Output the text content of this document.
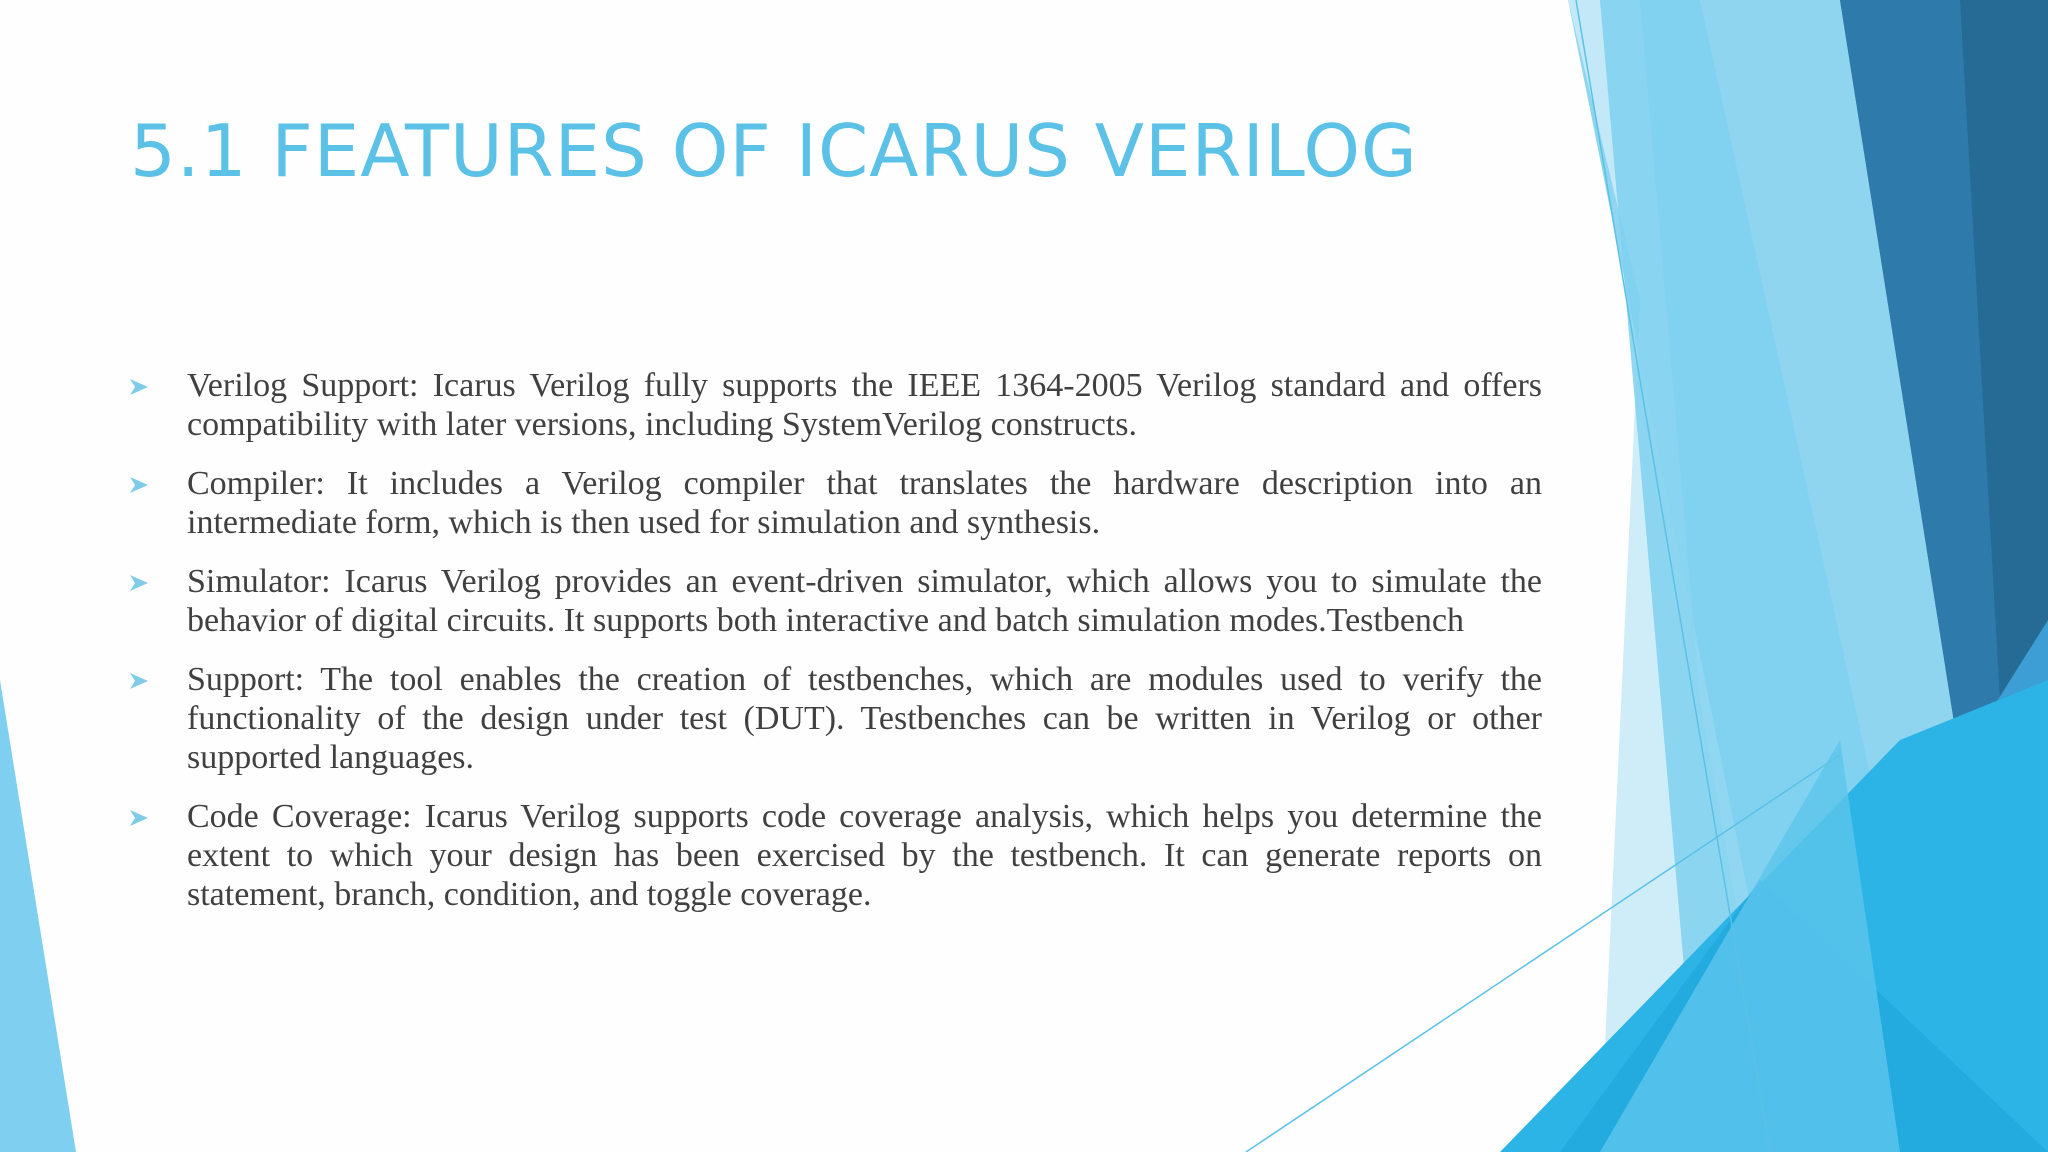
5.1 FEATURES OF ICARUS VERILOG
Verilog Support: Icarus Verilog fully supports the IEEE 1364-2005 Verilog standard and offers compatibility with later versions, including SystemVerilog constructs.
Compiler: It includes a Verilog compiler that translates the hardware description into an intermediate form, which is then used for simulation and synthesis.
Simulator: Icarus Verilog provides an event-driven simulator, which allows you to simulate the behavior of digital circuits. It supports both interactive and batch simulation modes.Testbench
Support: The tool enables the creation of testbenches, which are modules used to verify the functionality of the design under test (DUT). Testbenches can be written in Verilog or other supported languages.
Code Coverage: Icarus Verilog supports code coverage analysis, which helps you determine the extent to which your design has been exercised by the testbench. It can generate reports on statement, branch, condition, and toggle coverage.
